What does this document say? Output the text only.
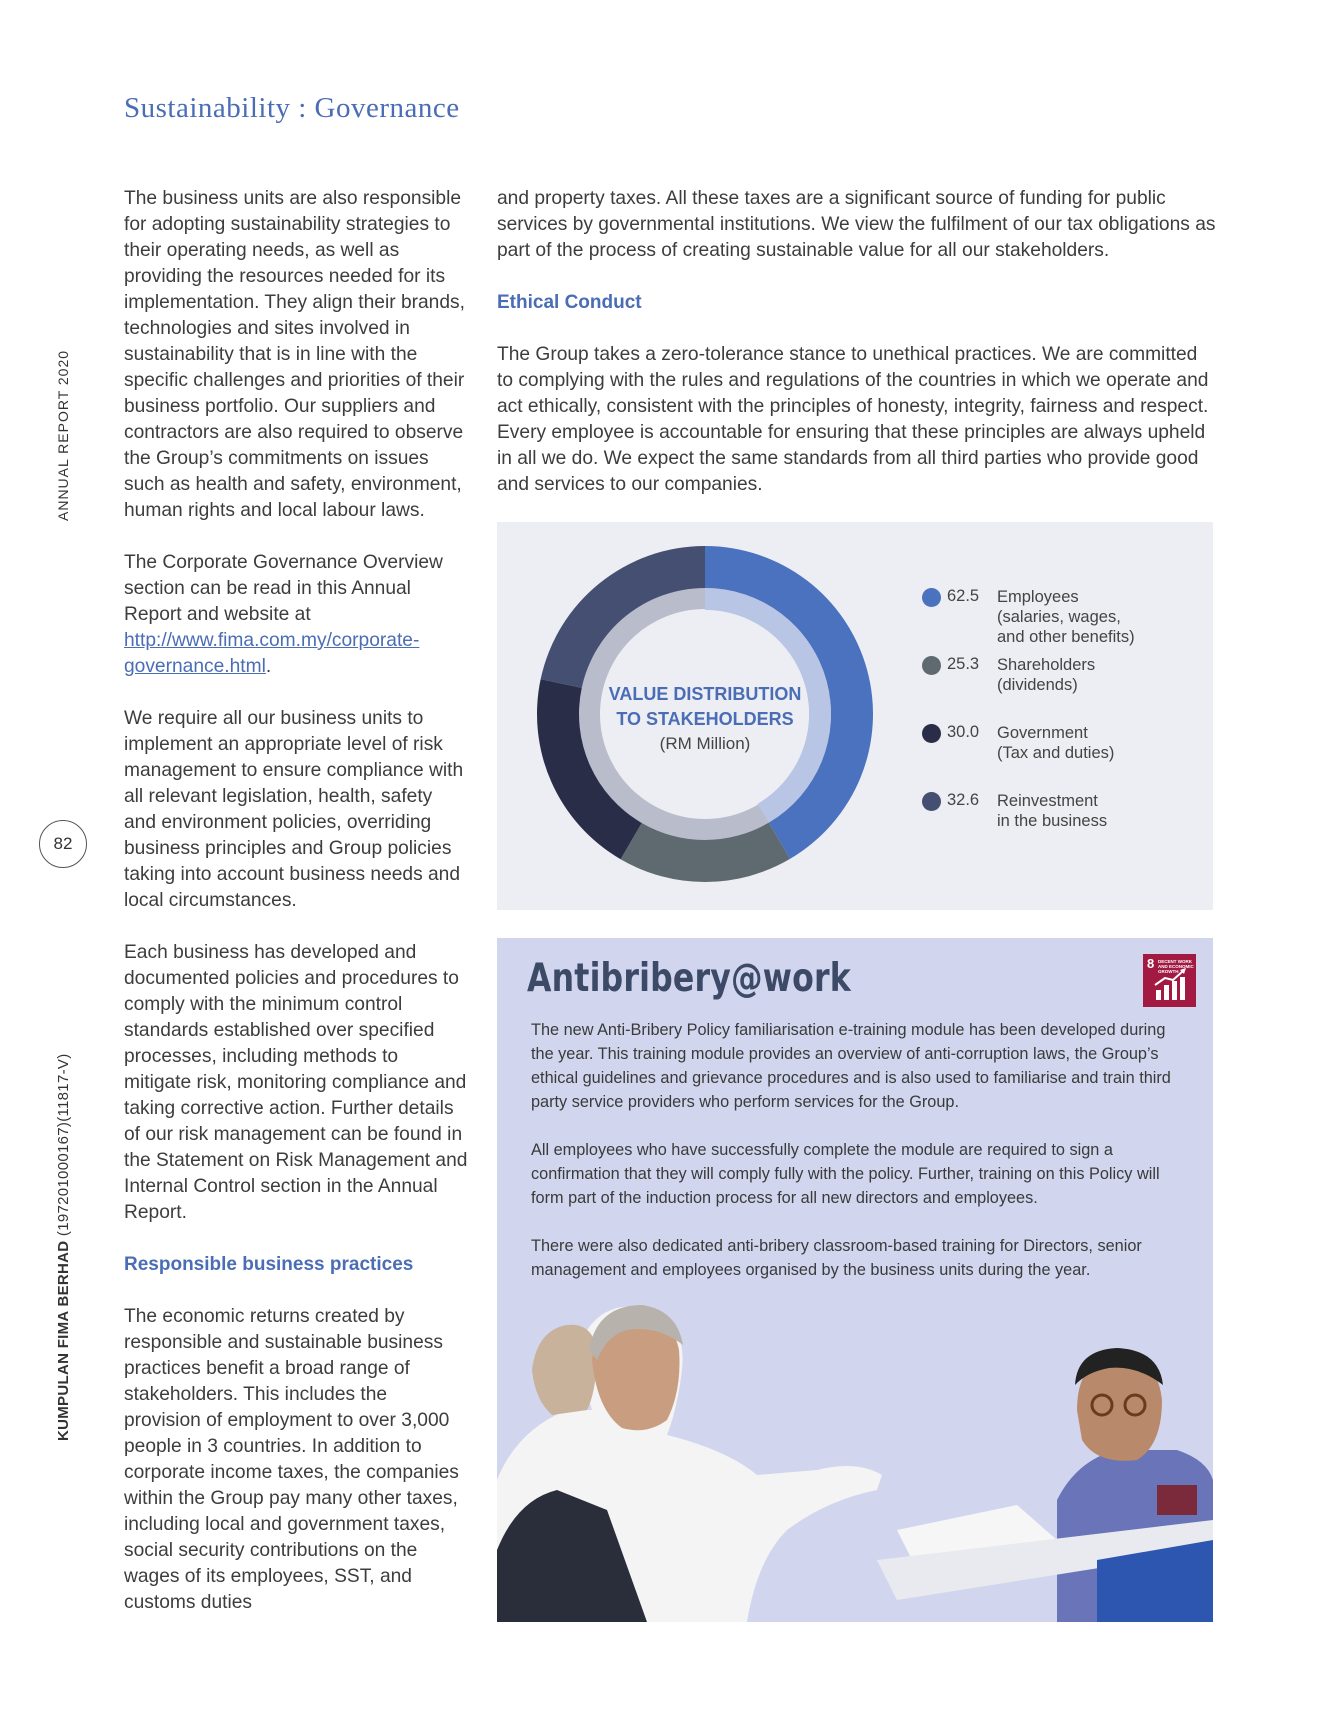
Sustainability : Governance
ANNUAL REPORT 2020
KUMPULAN FIMA BERHAD (197201000167)(11817-V)
82

The business units are also responsible for adopting sustainability strategies to their operating needs, as well as providing the resources needed for its implementation. They align their brands, technologies and sites involved in sustainability that is in line with the specific challenges and priorities of their business portfolio. Our suppliers and contractors are also required to observe the Group’s commitments on issues such as health and safety, environment, human rights and local labour laws.

The Corporate Governance Overview section can be read in this Annual Report and website at http://www.fima.com.my/corporate-governance.html.

We require all our business units to implement an appropriate level of risk management to ensure compliance with all relevant legislation, health, safety and environment policies, overriding business principles and Group policies taking into account business needs and local circumstances.

Each business has developed and documented policies and procedures to comply with the minimum control standards established over specified processes, including methods to mitigate risk, monitoring compliance and taking corrective action. Further details of our risk management can be found in the Statement on Risk Management and Internal Control section in the Annual Report.

Responsible business practices

The economic returns created by responsible and sustainable business practices benefit a broad range of stakeholders. This includes the provision of employment to over 3,000 people in 3 countries. In addition to corporate income taxes, the companies within the Group pay many other taxes, including local and government taxes, social security contributions on the wages of its employees, SST, and customs duties

and property taxes. All these taxes are a significant source of funding for public services by governmental institutions. We view the fulfilment of our tax obligations as part of the process of creating sustainable value for all our stakeholders.

Ethical Conduct

The Group takes a zero-tolerance stance to unethical practices. We are committed to complying with the rules and regulations of the countries in which we operate and act ethically, consistent with the principles of honesty, integrity, fairness and respect. Every employee is accountable for ensuring that these principles are always upheld in all we do. We expect the same standards from all third parties who provide good and services to our companies.

VALUE DISTRIBUTION
TO STAKEHOLDERS
(RM Million)
62.5 Employees
(salaries, wages,
and other benefits)
25.3 Shareholders
(dividends)
30.0 Government
(Tax and duties)
32.6 Reinvestment
in the business
Antibribery@work	8 DECENT WORK AND ECONOMIC GROWTH

The new Anti-Bribery Policy familiarisation e-training module has been developed during the year. This training module provides an overview of anti-corruption laws, the Group’s ethical guidelines and grievance procedures and is also used to familiarise and train third party service providers who perform services for the Group.

All employees who have successfully complete the module are required to sign a confirmation that they will comply fully with the policy. Further, training on this Policy will form part of the induction process for all new directors and employees.

There were also dedicated anti-bribery classroom-based training for Directors, senior management and employees organised by the business units during the year.
